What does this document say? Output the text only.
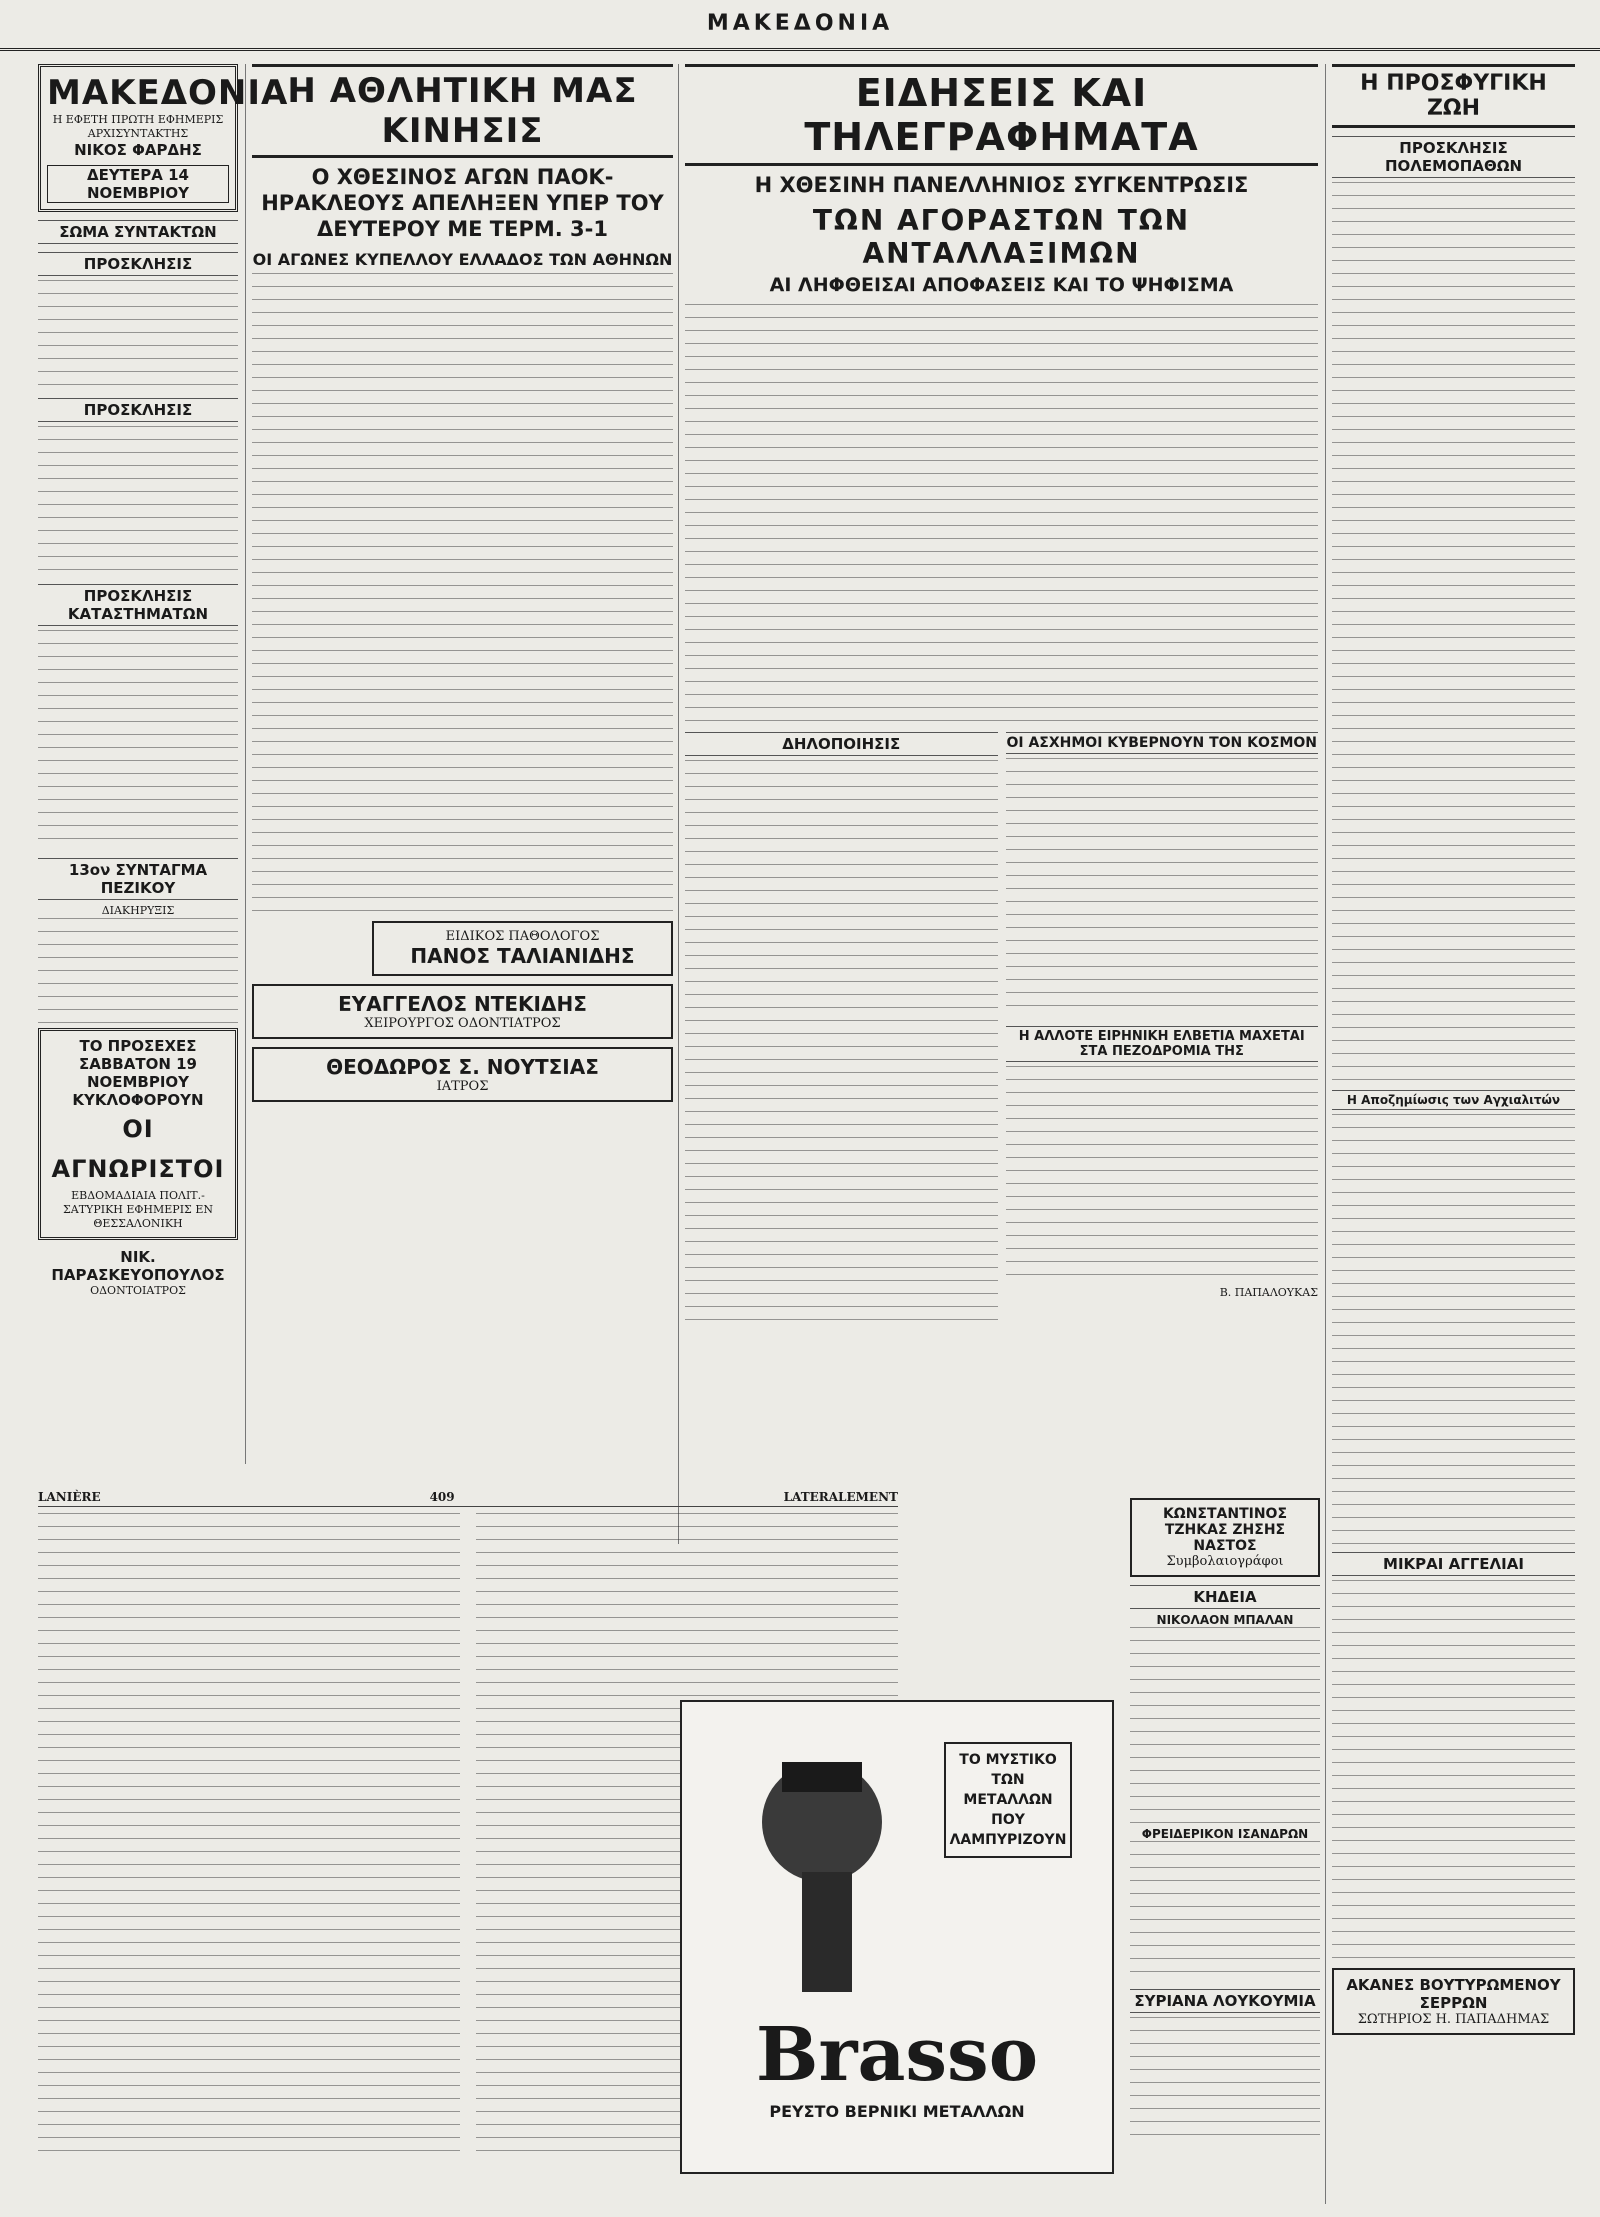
ΜΑΚΕΔΟΝΙΑ
ΜΑΚΕΔΟΝΙΑ
Η ΕΦΕΤΗ ΠΡΩΤΗ ΕΦΗΜΕΡΙΣ
ΑΡΧΙΣΥΝΤΑΚΤΗΣ
ΝΙΚΟΣ ΦΑΡΔΗΣ
ΔΕΥΤΕΡΑ 14 ΝΟΕΜΒΡΙΟΥ
ΣΩΜΑ ΣΥΝΤΑΚΤΩΝ
ΠΡΟΣΚΛΗΣΙΣ
ΠΡΟΣΚΛΗΣΙΣ
ΠΡΟΣΚΛΗΣΙΣ ΚΑΤΑΣΤΗΜΑΤΩΝ
13ον ΣΥΝΤΑΓΜΑ ΠΕΖΙΚΟΥ
ΔΙΑΚΗΡΥΞΙΣ
ΤΟ ΠΡΟΣΕΧΕΣ ΣΑΒΒΑΤΟΝ 19 ΝΟΕΜΒΡΙΟΥ ΚΥΚΛΟΦΟΡΟΥΝ
ΟΙ ΑΓΝΩΡΙΣΤΟΙ
ΕΒΔΟΜΑΔΙΑΙΑ ΠΟΛΙΤ.-ΣΑΤΥΡΙΚΗ ΕΦΗΜΕΡΙΣ ΕΝ ΘΕΣΣΑΛΟΝΙΚΗ
ΝΙΚ. ΠΑΡΑΣΚΕΥΟΠΟΥΛΟΣ
ΟΔΟΝΤΟΙΑΤΡΟΣ
Η ΑΘΛΗΤΙΚΗ ΜΑΣ ΚΙΝΗΣΙΣ
Ο ΧΘΕΣΙΝΟΣ ΑΓΩΝ ΠΑΟΚ-ΗΡΑΚΛΕΟΥΣ ΑΠΕΛΗΞΕΝ ΥΠΕΡ ΤΟΥ ΔΕΥΤΕΡΟΥ ΜΕ ΤΕΡΜ. 3-1
ΟΙ ΑΓΩΝΕΣ ΚΥΠΕΛΛΟΥ ΕΛΛΑΔΟΣ ΤΩΝ ΑΘΗΝΩΝ
ΕΙΔΙΚΟΣ ΠΑΘΟΛΟΓΟΣ
ΠΑΝΟΣ ΤΑΛΙΑΝΙΔΗΣ
ΕΥΑΓΓΕΛΟΣ ΝΤΕΚΙΔΗΣ
ΧΕΙΡΟΥΡΓΟΣ ΟΔΟΝΤΙΑΤΡΟΣ
ΘΕΟΔΩΡΟΣ Σ. ΝΟΥΤΣΙΑΣ
ΙΑΤΡΟΣ
ΕΙΔΗΣΕΙΣ ΚΑΙ ΤΗΛΕΓΡΑΦΗΜΑΤΑ
Η ΧΘΕΣΙΝΗ ΠΑΝΕΛΛΗΝΙΟΣ ΣΥΓΚΕΝΤΡΩΣΙΣ
ΤΩΝ ΑΓΟΡΑΣΤΩΝ ΤΩΝ ΑΝΤΑΛΛΑΞΙΜΩΝ
ΑΙ ΛΗΦΘΕΙΣΑΙ ΑΠΟΦΑΣΕΙΣ ΚΑΙ ΤΟ ΨΗΦΙΣΜΑ
ΔΗΛΟΠΟΙΗΣΙΣ	ΟΙ ΑΣΧΗΜΟΙ ΚΥΒΕΡΝΟΥΝ ΤΟΝ ΚΟΣΜΟΝ
Η ΑΛΛΟΤΕ ΕΙΡΗΝΙΚΗ ΕΛΒΕΤΙΑ ΜΑΧΕΤΑΙ ΣΤΑ ΠΕΖΟΔΡΟΜΙΑ ΤΗΣ
Β. ΠΑΠΑΛΟΥΚΑΣ
Η ΠΡΟΣΦΥΓΙΚΗ ΖΩΗ
ΠΡΟΣΚΛΗΣΙΣ ΠΟΛΕΜΟΠΑΘΩΝ
Η Αποζημίωσις των Αγχιαλιτών
ΜΙΚΡΑΙ ΑΓΓΕΛΙΑΙ
ΑΚΑΝΕΣ ΒΟΥΤΥΡΩΜΕΝΟΥ ΣΕΡΡΩΝ
ΣΩΤΗΡΙΟΣ Η. ΠΑΠΑΔΗΜΑΣ
LANIÈRE	409	LATERALEMENT
ΚΩΝΣΤΑΝΤΙΝΟΣ ΤΖΗΚΑΣ ΖΗΣΗΣ ΝΑΣΤΟΣ
Συμβολαιογράφοι
ΚΗΔΕΙΑ
ΝΙΚΟΛΑΟΝ ΜΠΑΛΑΝ
ΦΡΕΙΔΕΡΙΚΟΝ ΙΣΑΝΔΡΩΝ
ΣΥΡΙΑΝΑ ΛΟΥΚΟΥΜΙΑ
ΤΟ ΜΥΣΤΙΚΟ ΤΩΝ ΜΕΤΑΛΛΩΝ ΠΟΥ ΛΑΜΠΥΡΙΖΟΥΝ
Brasso
ΡΕΥΣΤΟ ΒΕΡΝΙΚΙ ΜΕΤΑΛΛΩΝ
